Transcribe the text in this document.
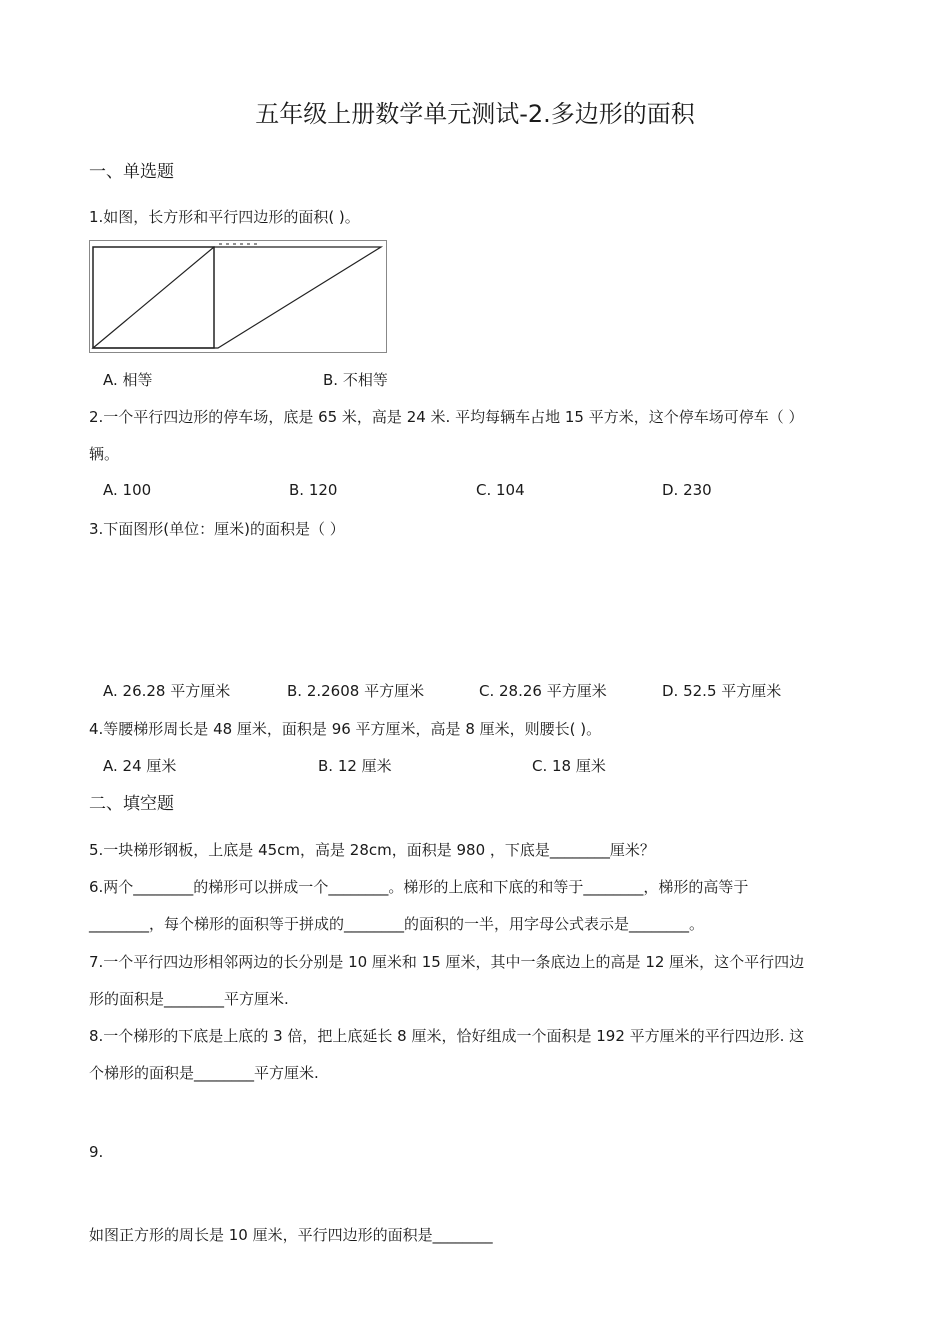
五年级上册数学单元测试-2.多边形的面积
一、单选题
1.如图，长方形和平行四边形的面积( )。
A. 相等	B. 不相等
2.一个平行四边形的停车场，底是 65 米，高是 24 米. 平均每辆车占地 15 平方米，这个停车场可停车（ ）
辆。
A. 100	B. 120	C. 104	D. 230
3.下面图形(单位：厘米)的面积是（ ）
A. 26.28 平方厘米	B. 2.2608 平方厘米	C. 28.26 平方厘米	D. 52.5 平方厘米
4.等腰梯形周长是 48 厘米，面积是 96 平方厘米，高是 8 厘米，则腰长( )。
A. 24 厘米	B. 12 厘米	C. 18 厘米
二、填空题
5.一块梯形钢板，上底是 45cm，高是 28cm，面积是 980 ，下底是________厘米？
6.两个________的梯形可以拼成一个________。梯形的上底和下底的和等于________，梯形的高等于
________，每个梯形的面积等于拼成的________的面积的一半，用字母公式表示是________。
7.一个平行四边形相邻两边的长分别是 10 厘米和 15 厘米，其中一条底边上的高是 12 厘米，这个平行四边
形的面积是________平方厘米.
8.一个梯形的下底是上底的 3 倍，把上底延长 8 厘米，恰好组成一个面积是 192 平方厘米的平行四边形. 这
个梯形的面积是________平方厘米.
9.
如图正方形的周长是 10 厘米，平行四边形的面积是________
